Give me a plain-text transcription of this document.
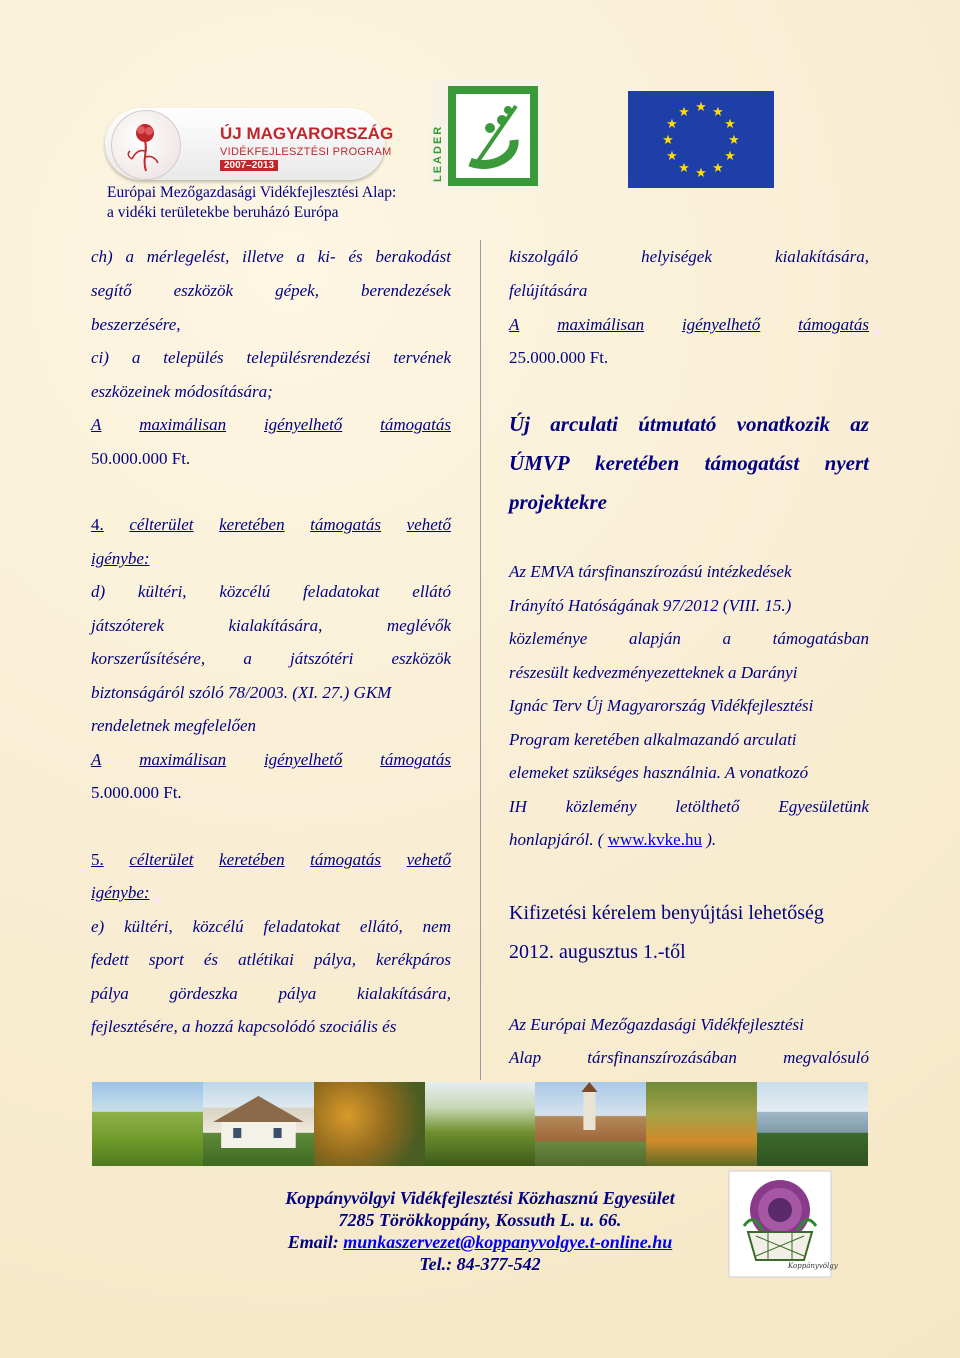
ÚJ MAGYARORSZÁG
VIDÉKFEJLESZTÉSI PROGRAM
2007–2013
Európai Mezőgazdasági Vidékfejlesztési Alap:
a vidéki területekbe beruházó Európa
LEADER
★ ★
★
★
★
★
★
★
★
★
★
★
ch) a mérlegelést, illetve a ki- és berakodást
segítő eszközök gépek, berendezések
beszerzésére,
ci) a település településrendezési tervének
eszközeinek módosítására;
A maximálisan igényelhető támogatás
50.000.000 Ft.
4. célterület keretében támogatás vehető
igénybe:
d) kültéri, közcélú feladatokat ellátó
játszóterek	kialakítására,	meglévők
korszerűsítésére, a játszótéri eszközök
biztonságáról szóló 78/2003. (XI. 27.) GKM
rendeletnek megfelelően
A maximálisan igényelhető támogatás
5.000.000 Ft.
5. célterület keretében támogatás vehető
igénybe:
e) kültéri, közcélú feladatokat ellátó, nem
fedett sport és atlétikai pálya, kerékpáros
pálya gördeszka pálya kialakítására,
fejlesztésére, a hozzá kapcsolódó szociális és
kiszolgáló	helyiségek	kialakítására,
felújítására
A maximálisan igényelhető támogatás
25.000.000 Ft.
Új arculati útmutató vonatkozik az
ÚMVP keretében támogatást nyert
projektekre
Az EMVA társfinanszírozású intézkedések
Irányító Hatóságának 97/2012 (VIII. 15.)
közleménye alapján a támogatásban
részesült kedvezményezetteknek a Darányi
Ignác Terv Új Magyarország Vidékfejlesztési
Program keretében alkalmazandó arculati
elemeket szükséges használnia. A vonatkozó
IH közlemény letölthető Egyesületünk
honlapjáról. ( www.kvke.hu ).
Kifizetési kérelem benyújtási lehetőség
2012. augusztus 1.-től
Az Európai Mezőgazdasági Vidékfejlesztési
Alap	társfinanszírozásában	megvalósuló
Koppányvölgyi Vidékfejlesztési Közhasznú Egyesület
7285 Törökkoppány, Kossuth L. u. 66.
Email: munkaszervezet@koppanyvolgye.t-online.hu
Tel.: 84-377-542	Koppányvölgy
